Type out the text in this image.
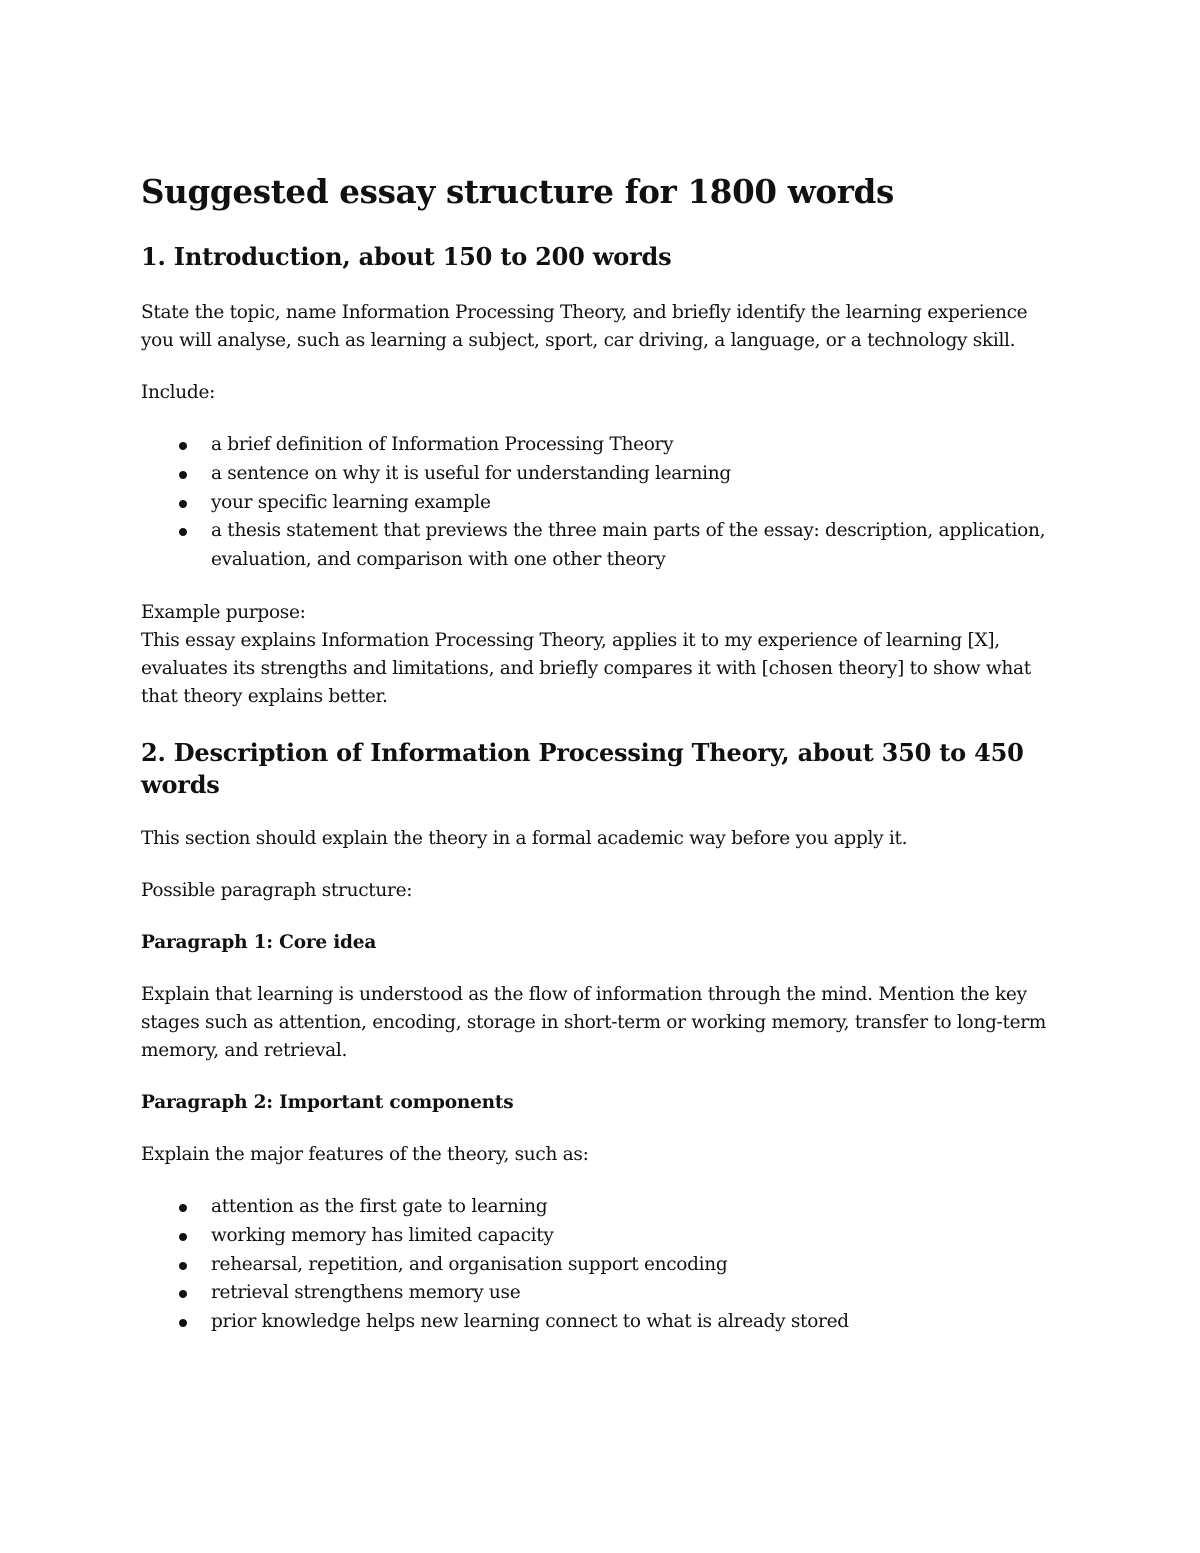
Suggested essay structure for 1800 words
1. Introduction, about 150 to 200 words

State the topic, name Information Processing Theory, and briefly identify the learning experience you will analyse, such as learning a subject, sport, car driving, a language, or a technology skill.

Include:

a brief definition of Information Processing Theory
a sentence on why it is useful for understanding learning
your specific learning example
a thesis statement that previews the three main parts of the essay: description, application, evaluation, and comparison with one other theory

Example purpose:

This essay explains Information Processing Theory, applies it to my experience of learning [X], evaluates its strengths and limitations, and briefly compares it with [chosen theory] to show what that theory explains better.

2. Description of Information Processing Theory, about 350 to 450 words

This section should explain the theory in a formal academic way before you apply it.

Possible paragraph structure:

Paragraph 1: Core idea

Explain that learning is understood as the flow of information through the mind. Mention the key stages such as attention, encoding, storage in short-term or working memory, transfer to long-term memory, and retrieval.

Paragraph 2: Important components

Explain the major features of the theory, such as:

attention as the first gate to learning
working memory has limited capacity
rehearsal, repetition, and organisation support encoding
retrieval strengthens memory use
prior knowledge helps new learning connect to what is already stored
